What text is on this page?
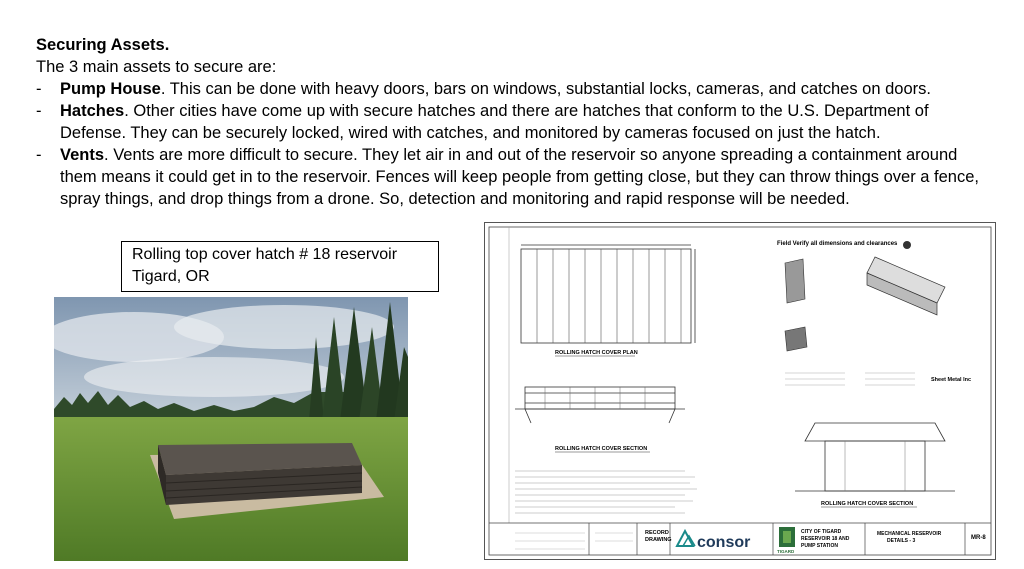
Securing Assets.
The 3 main assets to secure are:
- Pump House. This can be done with heavy doors, bars on windows, substantial locks, cameras, and catches on doors.
- Hatches. Other cities have come up with secure hatches and there are hatches that conform to the U.S. Department of Defense. They can be securely locked, wired with catches, and monitored by cameras focused on just the hatch.
- Vents. Vents are more difficult to secure. They let air in and out of the reservoir so anyone spreading a containment around them means it could get in to the reservoir. Fences will keep people from getting close, but they can throw things over a fence, spray things, and drop things from a drone. So, detection and monitoring and rapid response will be needed.
Rolling top cover hatch # 18 reservoir
Tigard, OR
ROLLING HATCH COVER PLAN
ROLLING HATCH COVER SECTION
Field Verify all dimensions and clearances
Sheet Metal Inc
ROLLING HATCH COVER SECTION
RECORD
DRAWING consor
TIGARD
CITY OF TIGARD
RESERVOIR 18 AND
PUMP STATION
MECHANICAL RESERVOIR
DETAILS - 3	MR-8
